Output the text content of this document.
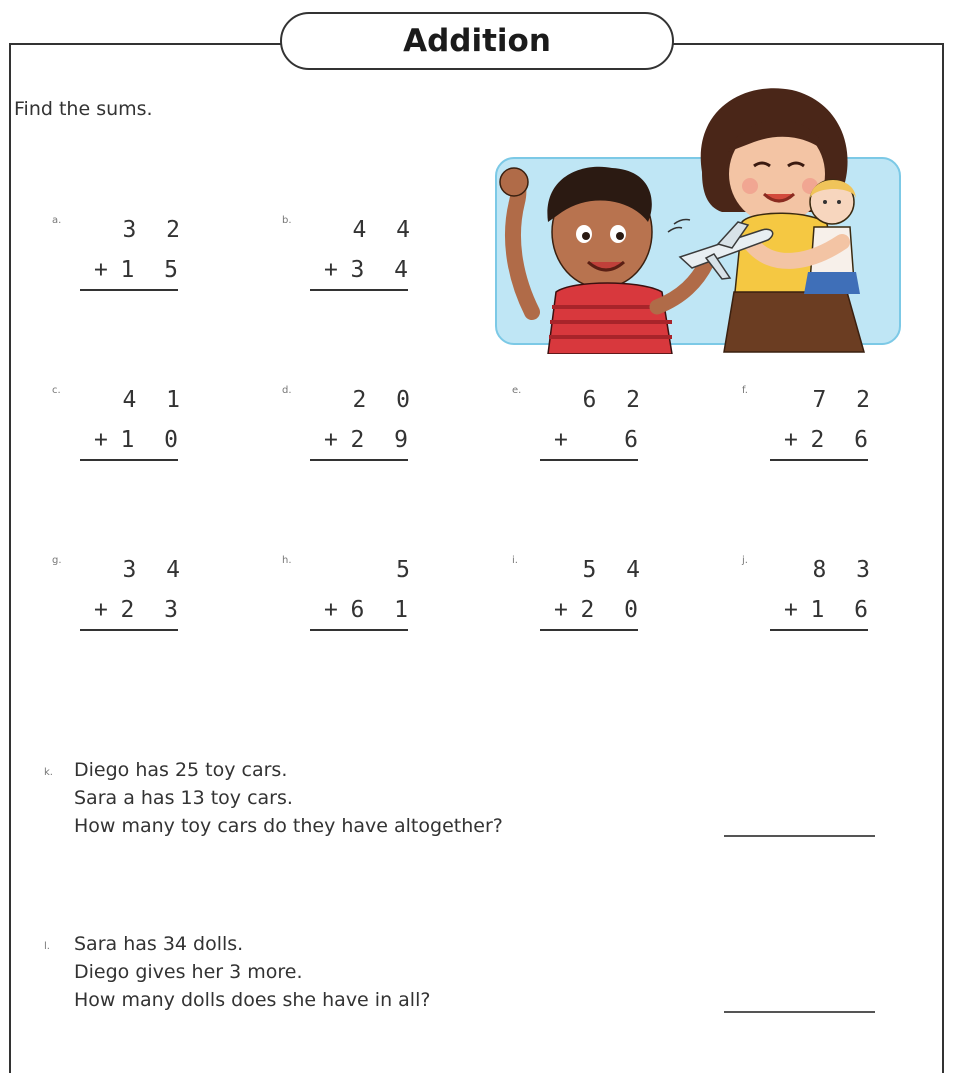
Addition
Find the sums.
a.	3 2
+ 1 5
b.	4 4
+ 3 4
c.	4 1
+ 1 0
d.	2 0
+ 2 9
e.	6 2
+ 6
f.	7 2
+ 2 6
g.	3 4
+ 2 3
h.	5
+ 6 1
i.	5 4
+ 2 0
j.	8 3
+ 1 6
k. Diego has 25 toy cars.
Sara a has 13 toy cars.
How many toy cars do they have altogether?
l. Sara has 34 dolls.
Diego gives her 3 more.
How many dolls does she have in all?
